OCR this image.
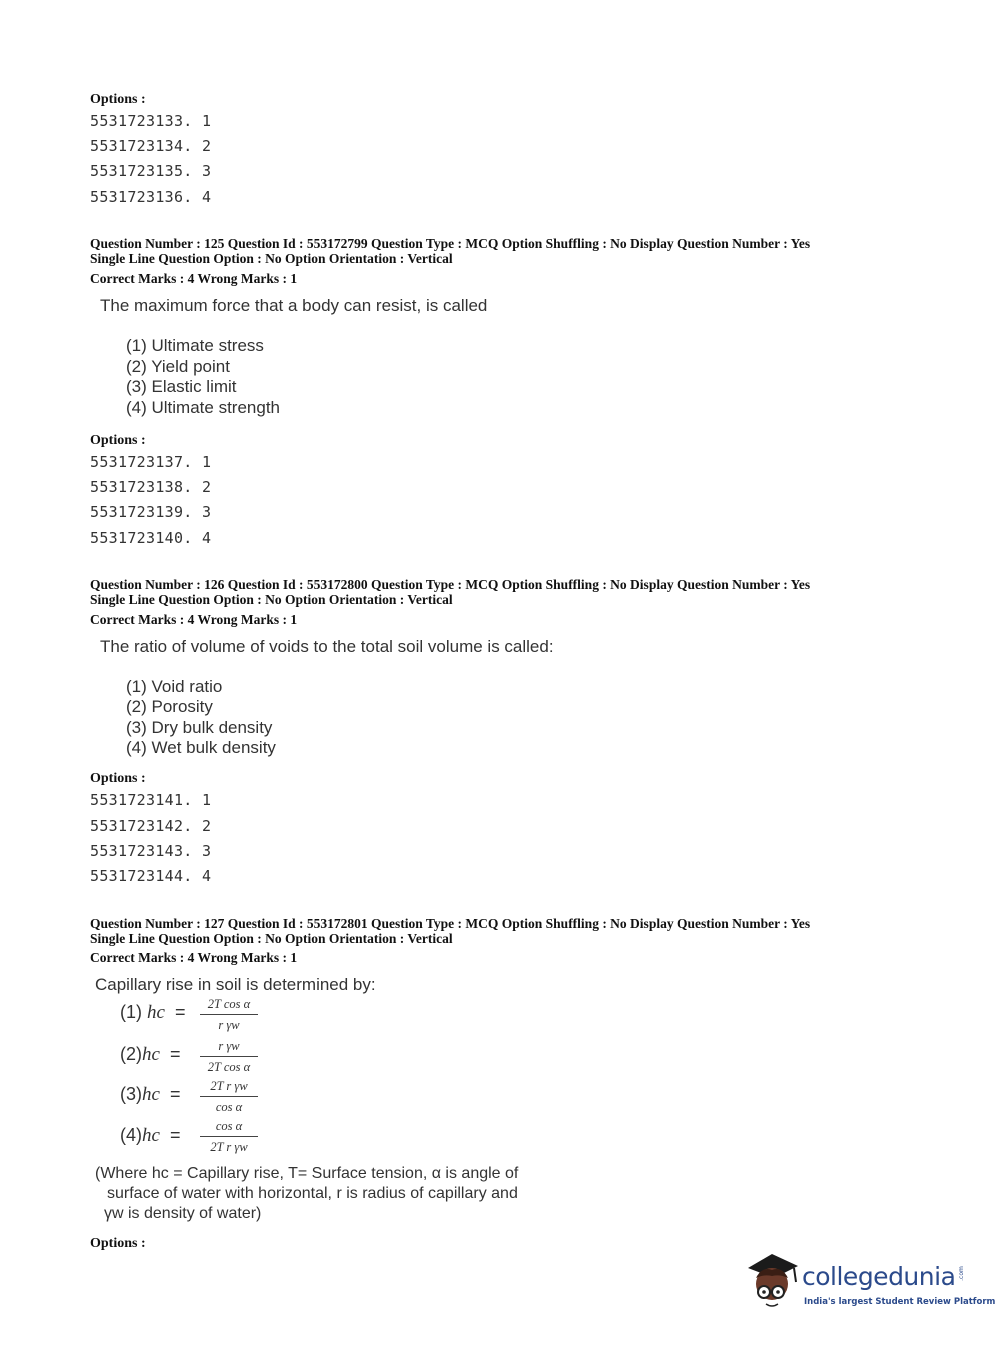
Options :
5531723133. 1
5531723134. 2
5531723135. 3
5531723136. 4
Question Number : 125 Question Id : 553172799 Question Type : MCQ Option Shuffling : No Display Question Number : Yes
Single Line Question Option : No Option Orientation : Vertical
Correct Marks : 4 Wrong Marks : 1
The maximum force that a body can resist, is called
(1) Ultimate stress
(2) Yield point
(3) Elastic limit
(4) Ultimate strength
Options :
5531723137. 1
5531723138. 2
5531723139. 3
5531723140. 4
Question Number : 126 Question Id : 553172800 Question Type : MCQ Option Shuffling : No Display Question Number : Yes
Single Line Question Option : No Option Orientation : Vertical
Correct Marks : 4 Wrong Marks : 1
The ratio of volume of voids to the total soil volume is called:
(1) Void ratio
(2) Porosity
(3) Dry bulk density
(4) Wet bulk density
Options :
5531723141. 1
5531723142. 2
5531723143. 3
5531723144. 4
Question Number : 127 Question Id : 553172801 Question Type : MCQ Option Shuffling : No Display Question Number : Yes
Single Line Question Option : No Option Orientation : Vertical
Correct Marks : 4 Wrong Marks : 1
Capillary rise in soil is determined by:
(1) hc =	2T cos α
r γw
(2)hc =	r γw
2T cos α
(3)hc =	2T r γw
cos α
(4)hc =	cos α
2T r γw
(Where hc = Capillary rise, T= Surface tension, α is angle of
surface of water with horizontal, r is radius of capillary and
γw is density of water)
Options :
collegedunia .com
India's largest Student Review Platform
